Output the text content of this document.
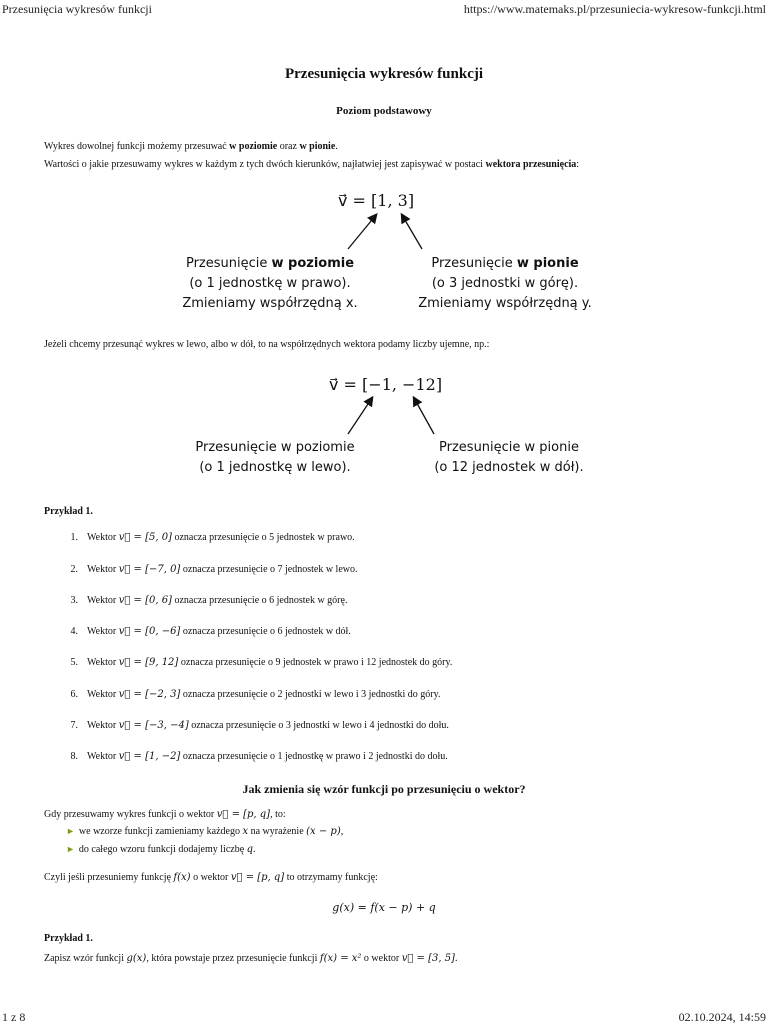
Przesunięcia wykresów funkcji	https://www.matemaks.pl/przesuniecia-wykresow-funkcji.html
Przesunięcia wykresów funkcji
Poziom podstawowy
Wykres dowolnej funkcji możemy przesuwać w poziomie oraz w pionie.
Wartości o jakie przesuwamy wykres w każdym z tych dwóch kierunków, najłatwiej jest zapisywać w postaci wektora przesunięcia:
v⃗ = [1, 3]
Przesunięcie w poziomie
(o 1 jednostkę w prawo).
Zmieniamy współrzędną x.
Przesunięcie w pionie
(o 3 jednostki w górę).
Zmieniamy współrzędną y.
Jeżeli chcemy przesunąć wykres w lewo, albo w dół, to na współrzędnych wektora podamy liczby ujemne, np.:
v⃗ = [−1, −12]
Przesunięcie w poziomie
(o 1 jednostkę w lewo).
Przesunięcie w pionie
(o 12 jednostek w dół).
Przykład 1.
1. Wektor v⃗ = [5, 0] oznacza przesunięcie o 5 jednostek w prawo.
2. Wektor v⃗ = [−7, 0] oznacza przesunięcie o 7 jednostek w lewo.
3. Wektor v⃗ = [0, 6] oznacza przesunięcie o 6 jednostek w górę.
4. Wektor v⃗ = [0, −6] oznacza przesunięcie o 6 jednostek w dół.
5. Wektor v⃗ = [9, 12] oznacza przesunięcie o 9 jednostek w prawo i 12 jednostek do góry.
6. Wektor v⃗ = [−2, 3] oznacza przesunięcie o 2 jednostki w lewo i 3 jednostki do góry.
7. Wektor v⃗ = [−3, −4] oznacza przesunięcie o 3 jednostki w lewo i 4 jednostki do dołu.
8. Wektor v⃗ = [1, −2] oznacza przesunięcie o 1 jednostkę w prawo i 2 jednostki do dołu.
Jak zmienia się wzór funkcji po przesunięciu o wektor?
Gdy przesuwamy wykres funkcji o wektor v⃗ = [p, q], to:
► we wzorze funkcji zamieniamy każdego x na wyrażenie (x − p),
► do całego wzoru funkcji dodajemy liczbę q.
Czyli jeśli przesuniemy funkcję f(x) o wektor v⃗ = [p, q] to otrzymamy funkcję:
g(x) = f(x − p) + q
Przykład 1.
Zapisz wzór funkcji g(x), która powstaje przez przesunięcie funkcji f(x) = x² o wektor v⃗ = [3, 5].
1 z 8	02.10.2024, 14:59
